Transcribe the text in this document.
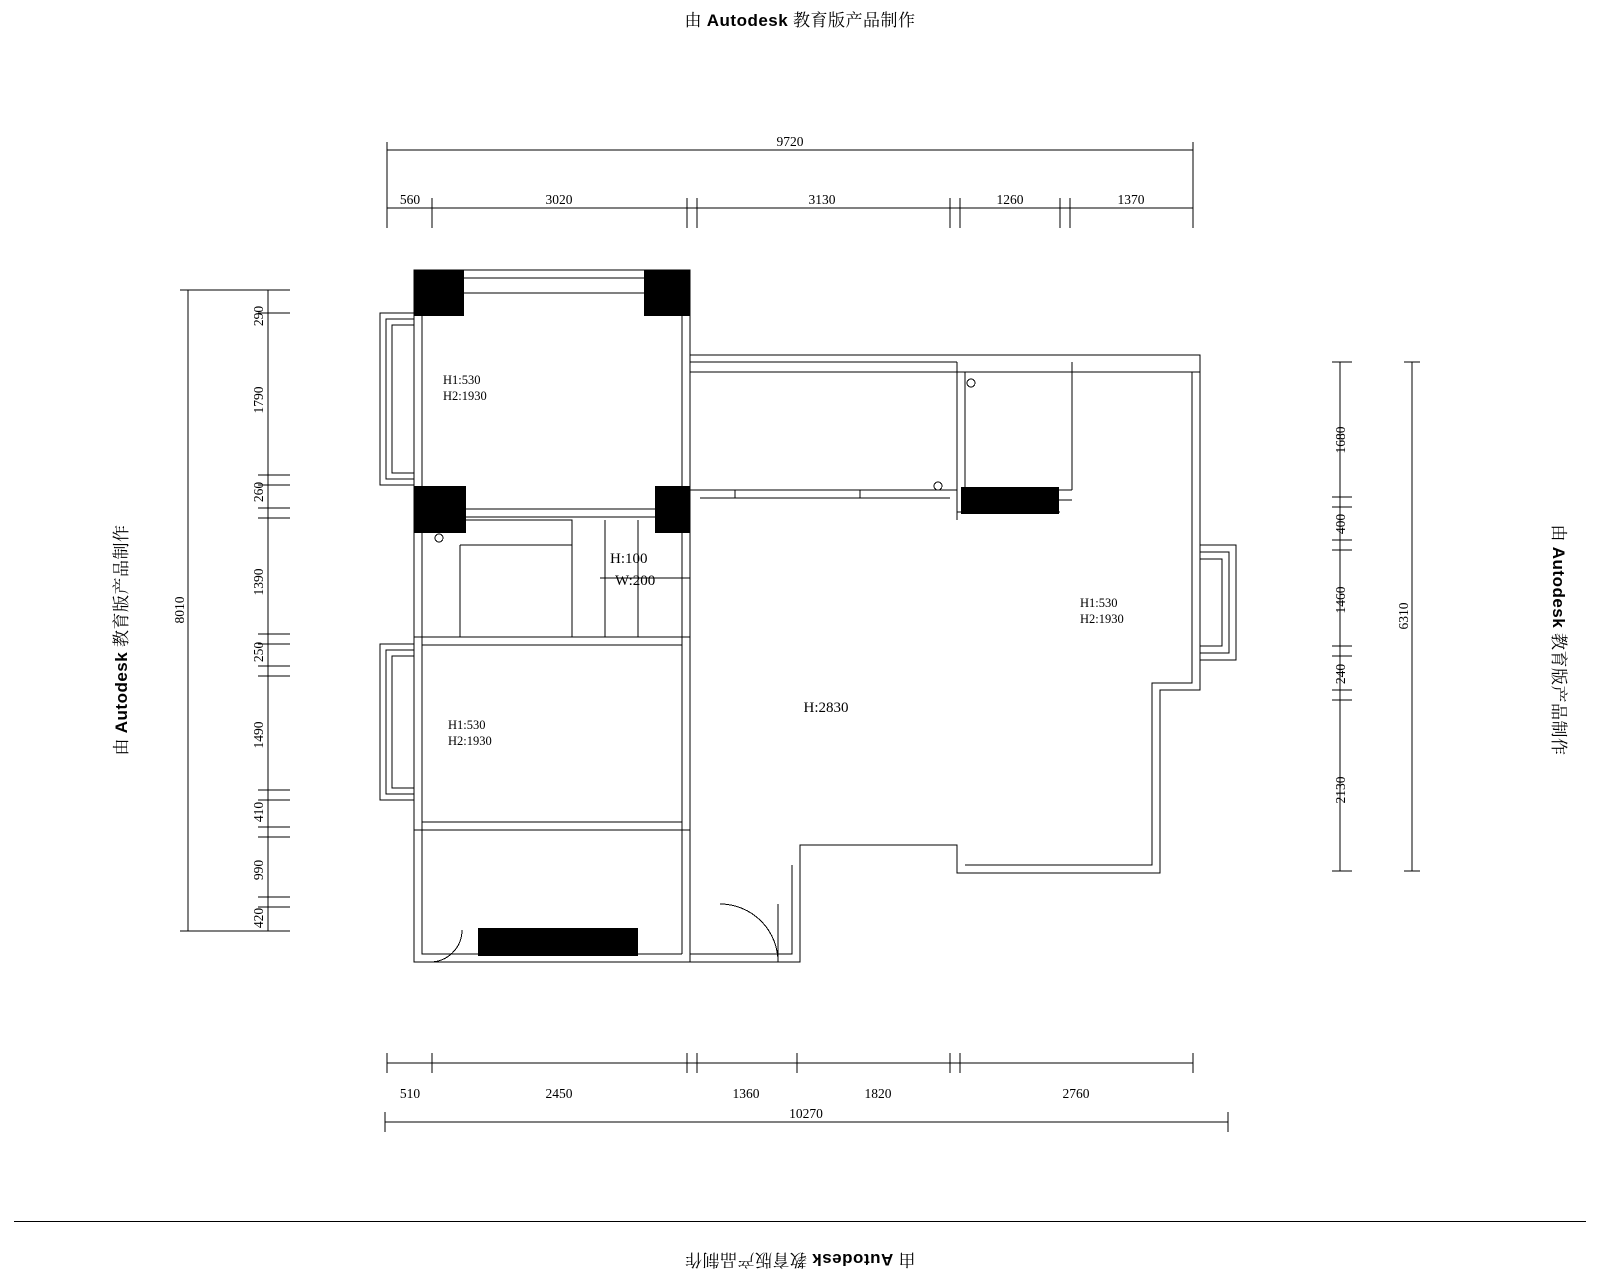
由 Autodesk 教育版产品制作
由 Autodesk 教育版产品制作
由 Autodesk 教育版产品制作	由 Autodesk 教育版产品制作
9720
560	3020	3130	1260	1370
8010
290
1790
260
1390
250
1490
410
990
420
6310
1680
400
1460
240
2130
510	2450	1360	1820	2760
10270
H1:530
H2:1930
H1:530
H2:1930
H1:530
H2:1930
H:100
W:200
H:2830
